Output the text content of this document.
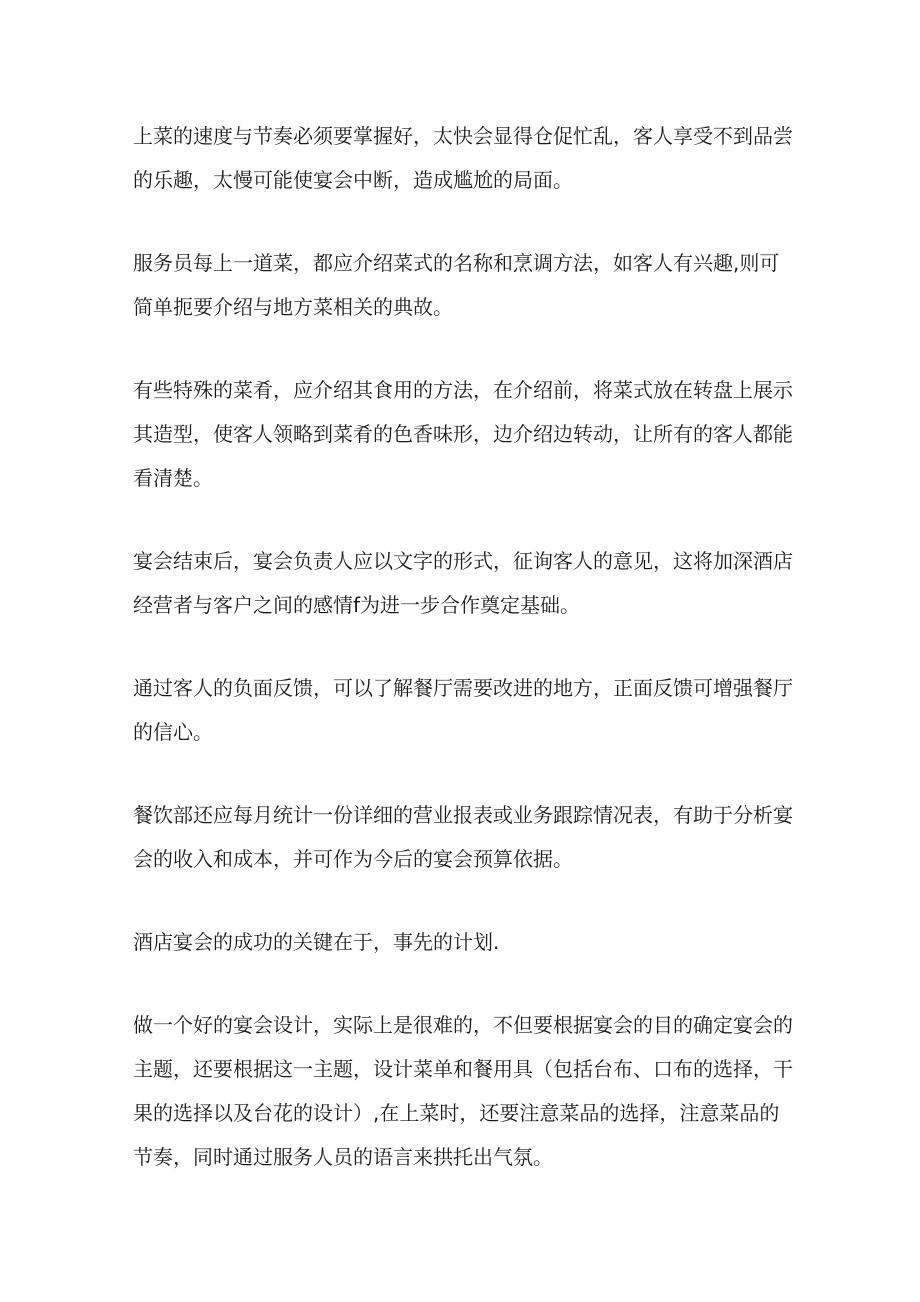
上菜的速度与节奏必须要掌握好，太快会显得仓促忙乱，客人享受不到品尝的乐趣，太慢可能使宴会中断，造成尴尬的局面。

服务员每上一道菜，都应介绍菜式的名称和烹调方法，如客人有兴趣,则可简单扼要介绍与地方菜相关的典故。

有些特殊的菜肴，应介绍其食用的方法，在介绍前，将菜式放在转盘上展示其造型，使客人领略到菜肴的色香味形，边介绍边转动，让所有的客人都能看清楚。

宴会结束后，宴会负责人应以文字的形式，征询客人的意见，这将加深酒店经营者与客户之间的感情f为进一步合作奠定基础。

通过客人的负面反馈，可以了解餐厅需要改进的地方，正面反馈可增强餐厅的信心。

餐饮部还应每月统计一份详细的营业报表或业务跟踪情况表，有助于分析宴会的收入和成本，并可作为今后的宴会预算依据。

酒店宴会的成功的关键在于，事先的计划.

做一个好的宴会设计，实际上是很难的，不但要根据宴会的目的确定宴会的主题，还要根据这一主题，设计菜单和餐用具（包括台布、口布的选择，干果的选择以及台花的设计）,在上菜时，还要注意菜品的选择，注意菜品的节奏，同时通过服务人员的语言来拱托出气氛。
